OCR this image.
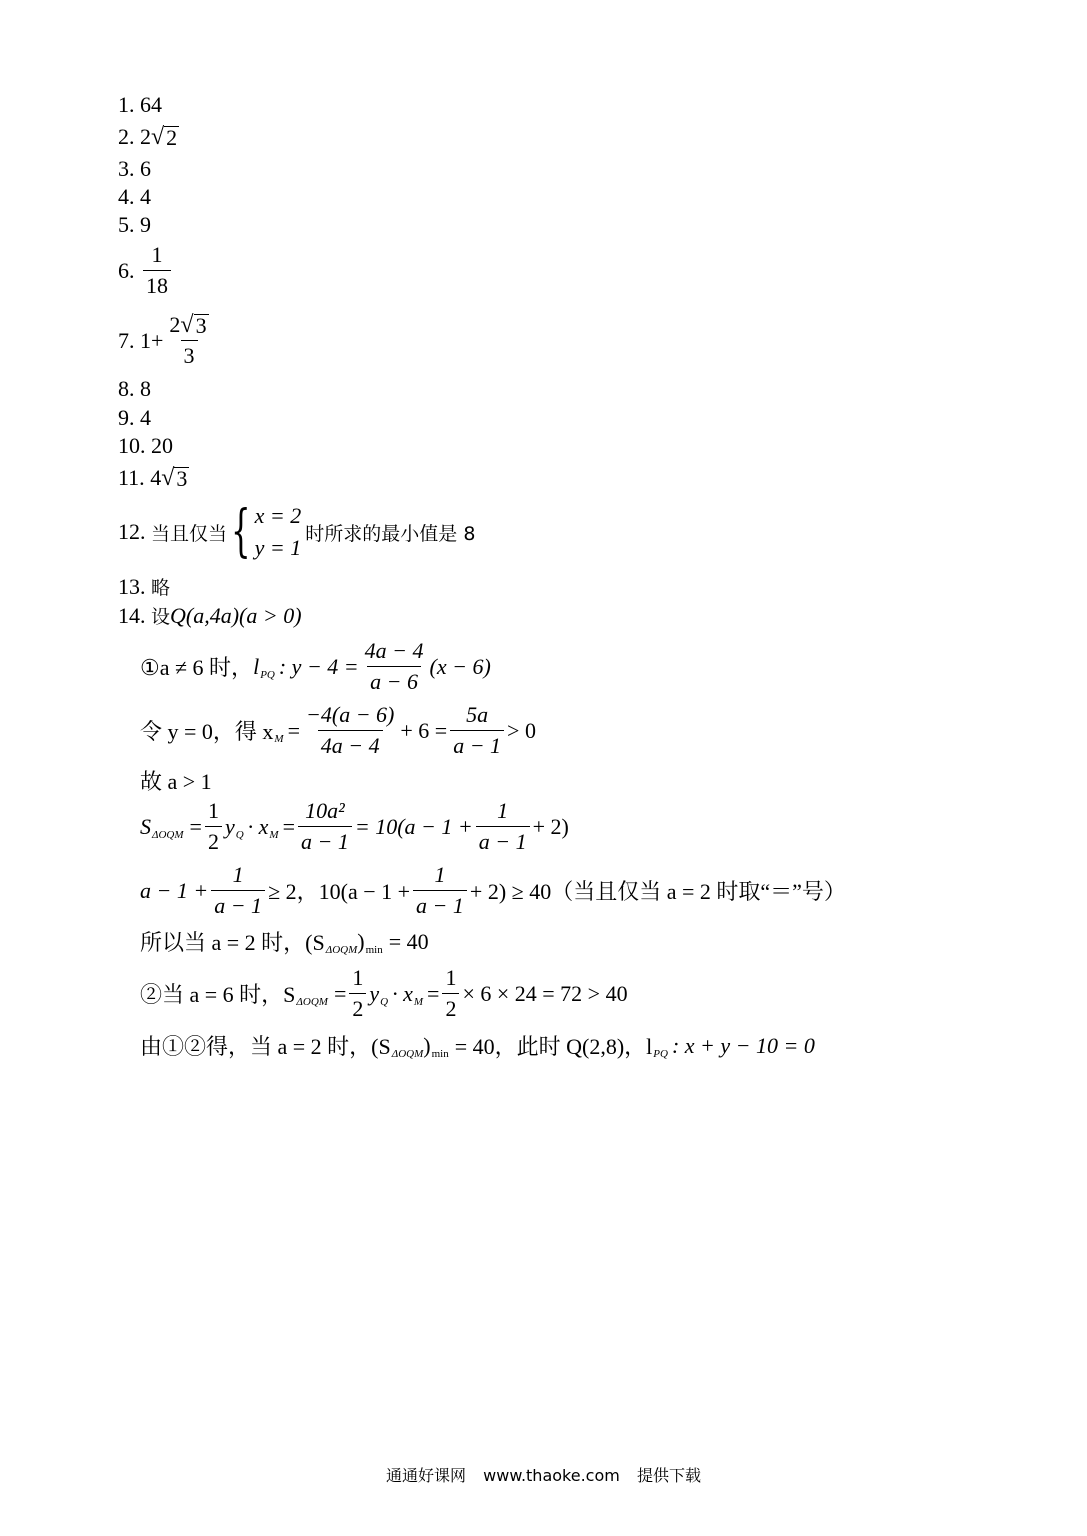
1.
64
2.
2 √ 2
3.
6
4.
4
5.
9
6.
$\frac{1}{18}$
7.
$1+ \frac{2 √ 3}{3}$
8.
8
9.
4
10.
20
11.
4 √ 3
12.
当且仅当 { x = 2
y = 1
时所求的最小值是 8
13.
略
14.
设 Q(a,4a)(a > 0)
①a ≠ 6 时， l PQ : $y - 4 = \frac{4a - 4}{a - 6} (x - 6)$
令 y = 0，得 x $M = \frac{-4(a - 6)}{4a - 4} + 6 = \frac{5a}{a - 1} > 0$
故 a > 1
S $\Delta OQM = \frac{1}{2}$ y Q · x $M = \frac{\text{10a²}}{a - 1} = 10(a - 1 + \frac{1}{a - 1} + 2)$
$a - 1 + \frac{1}{a - 1} \ge 2$，$10(a - 1 + \frac{1}{a - 1} + 2) \ge 40$（当且仅当 a = 2 时取“＝”号）
所以当 a = 2 时，(S ΔOQM ) min = 40
②当 a = 6 时，S $\Delta OQM = \frac{1}{2}$ y Q · x $M = \frac{1}{2} \times 6 \times 24 = 72 > 40$
由①②得，当 a = 2 时，(S ΔOQM ) min = 40，此时 Q(2,8)，l PQ : x + y − 10 = 0
通通好课网 www.thaoke.com 提供下载
